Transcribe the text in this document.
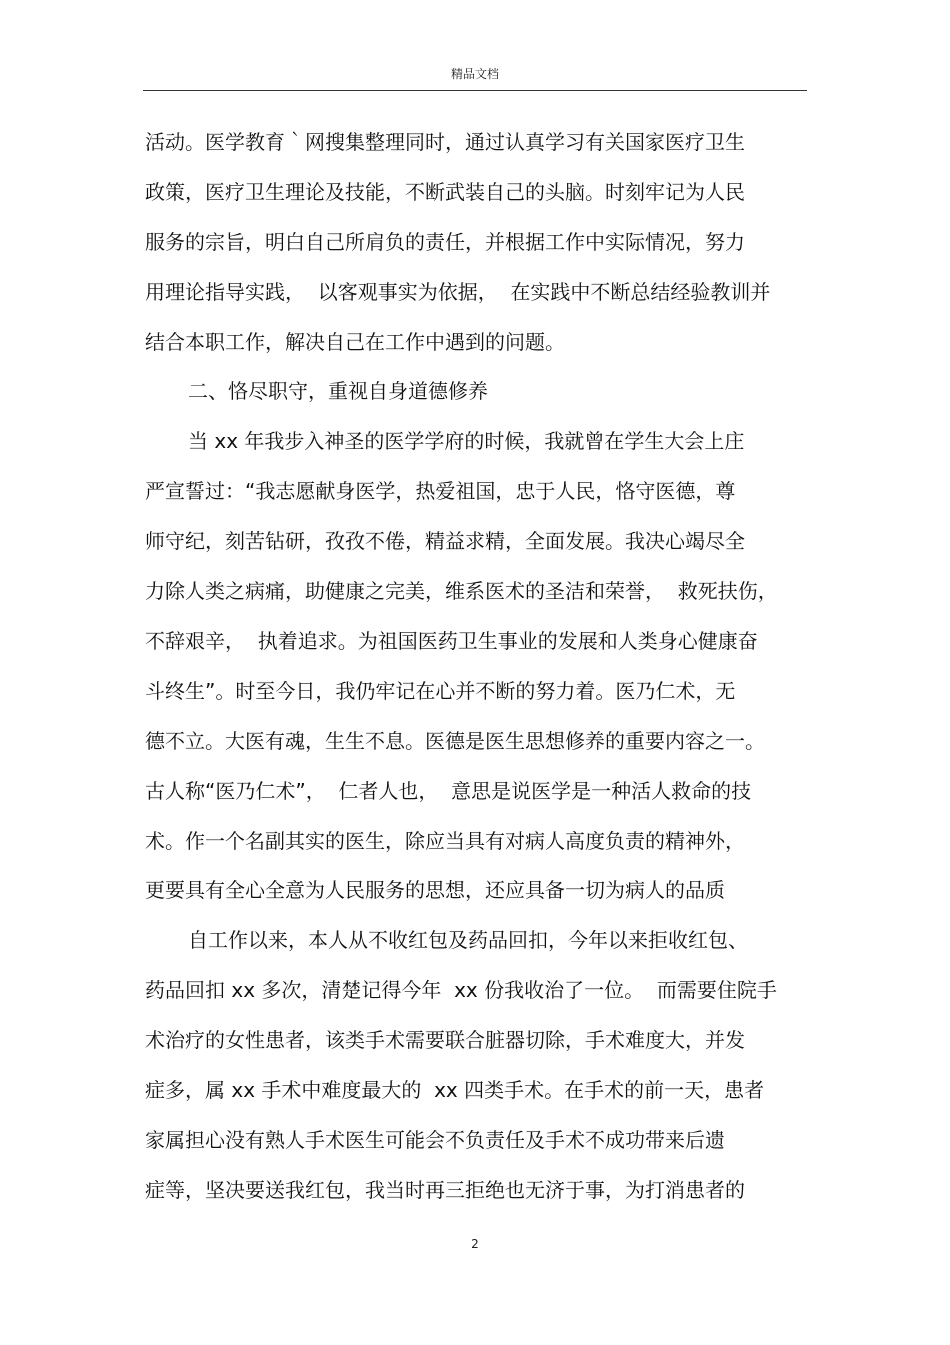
精品文档
活动。医学教育｀网搜集整理同时，通过认真学习有关国家医疗卫生
政策，医疗卫生理论及技能，不断武装自己的头脑。时刻牢记为人民
服务的宗旨，明白自己所肩负的责任，并根据工作中实际情况，努力
用理论指导实践，  以客观事实为依据，  在实践中不断总结经验教训并
结合本职工作，解决自己在工作中遇到的问题。
二、恪尽职守，重视自身道德修养
当 xx 年我步入神圣的医学学府的时候，我就曾在学生大会上庄
严宣誓过：“我志愿献身医学，热爱祖国，忠于人民，恪守医德，尊
师守纪，刻苦钻研，孜孜不倦，精益求精，全面发展。我决心竭尽全
力除人类之病痛，助健康之完美，维系医术的圣洁和荣誉，  救死扶伤，
不辞艰辛，  执着追求。为祖国医药卫生事业的发展和人类身心健康奋
斗终生”。时至今日，我仍牢记在心并不断的努力着。医乃仁术，无
德不立。大医有魂，生生不息。医德是医生思想修养的重要内容之一。
古人称“医乃仁术”，  仁者人也，  意思是说医学是一种活人救命的技
术。作一个名副其实的医生，除应当具有对病人高度负责的精神外，
更要具有全心全意为人民服务的思想，还应具备一切为病人的品质
自工作以来，本人从不收红包及药品回扣，今年以来拒收红包、
药品回扣 xx 多次，清楚记得今年  xx 份我收治了一位。  而需要住院手
术治疗的女性患者，该类手术需要联合脏器切除，手术难度大，并发
症多，属 xx 手术中难度最大的  xx 四类手术。在手术的前一天，患者
家属担心没有熟人手术医生可能会不负责任及手术不成功带来后遗
症等，坚决要送我红包，我当时再三拒绝也无济于事，为打消患者的
2
